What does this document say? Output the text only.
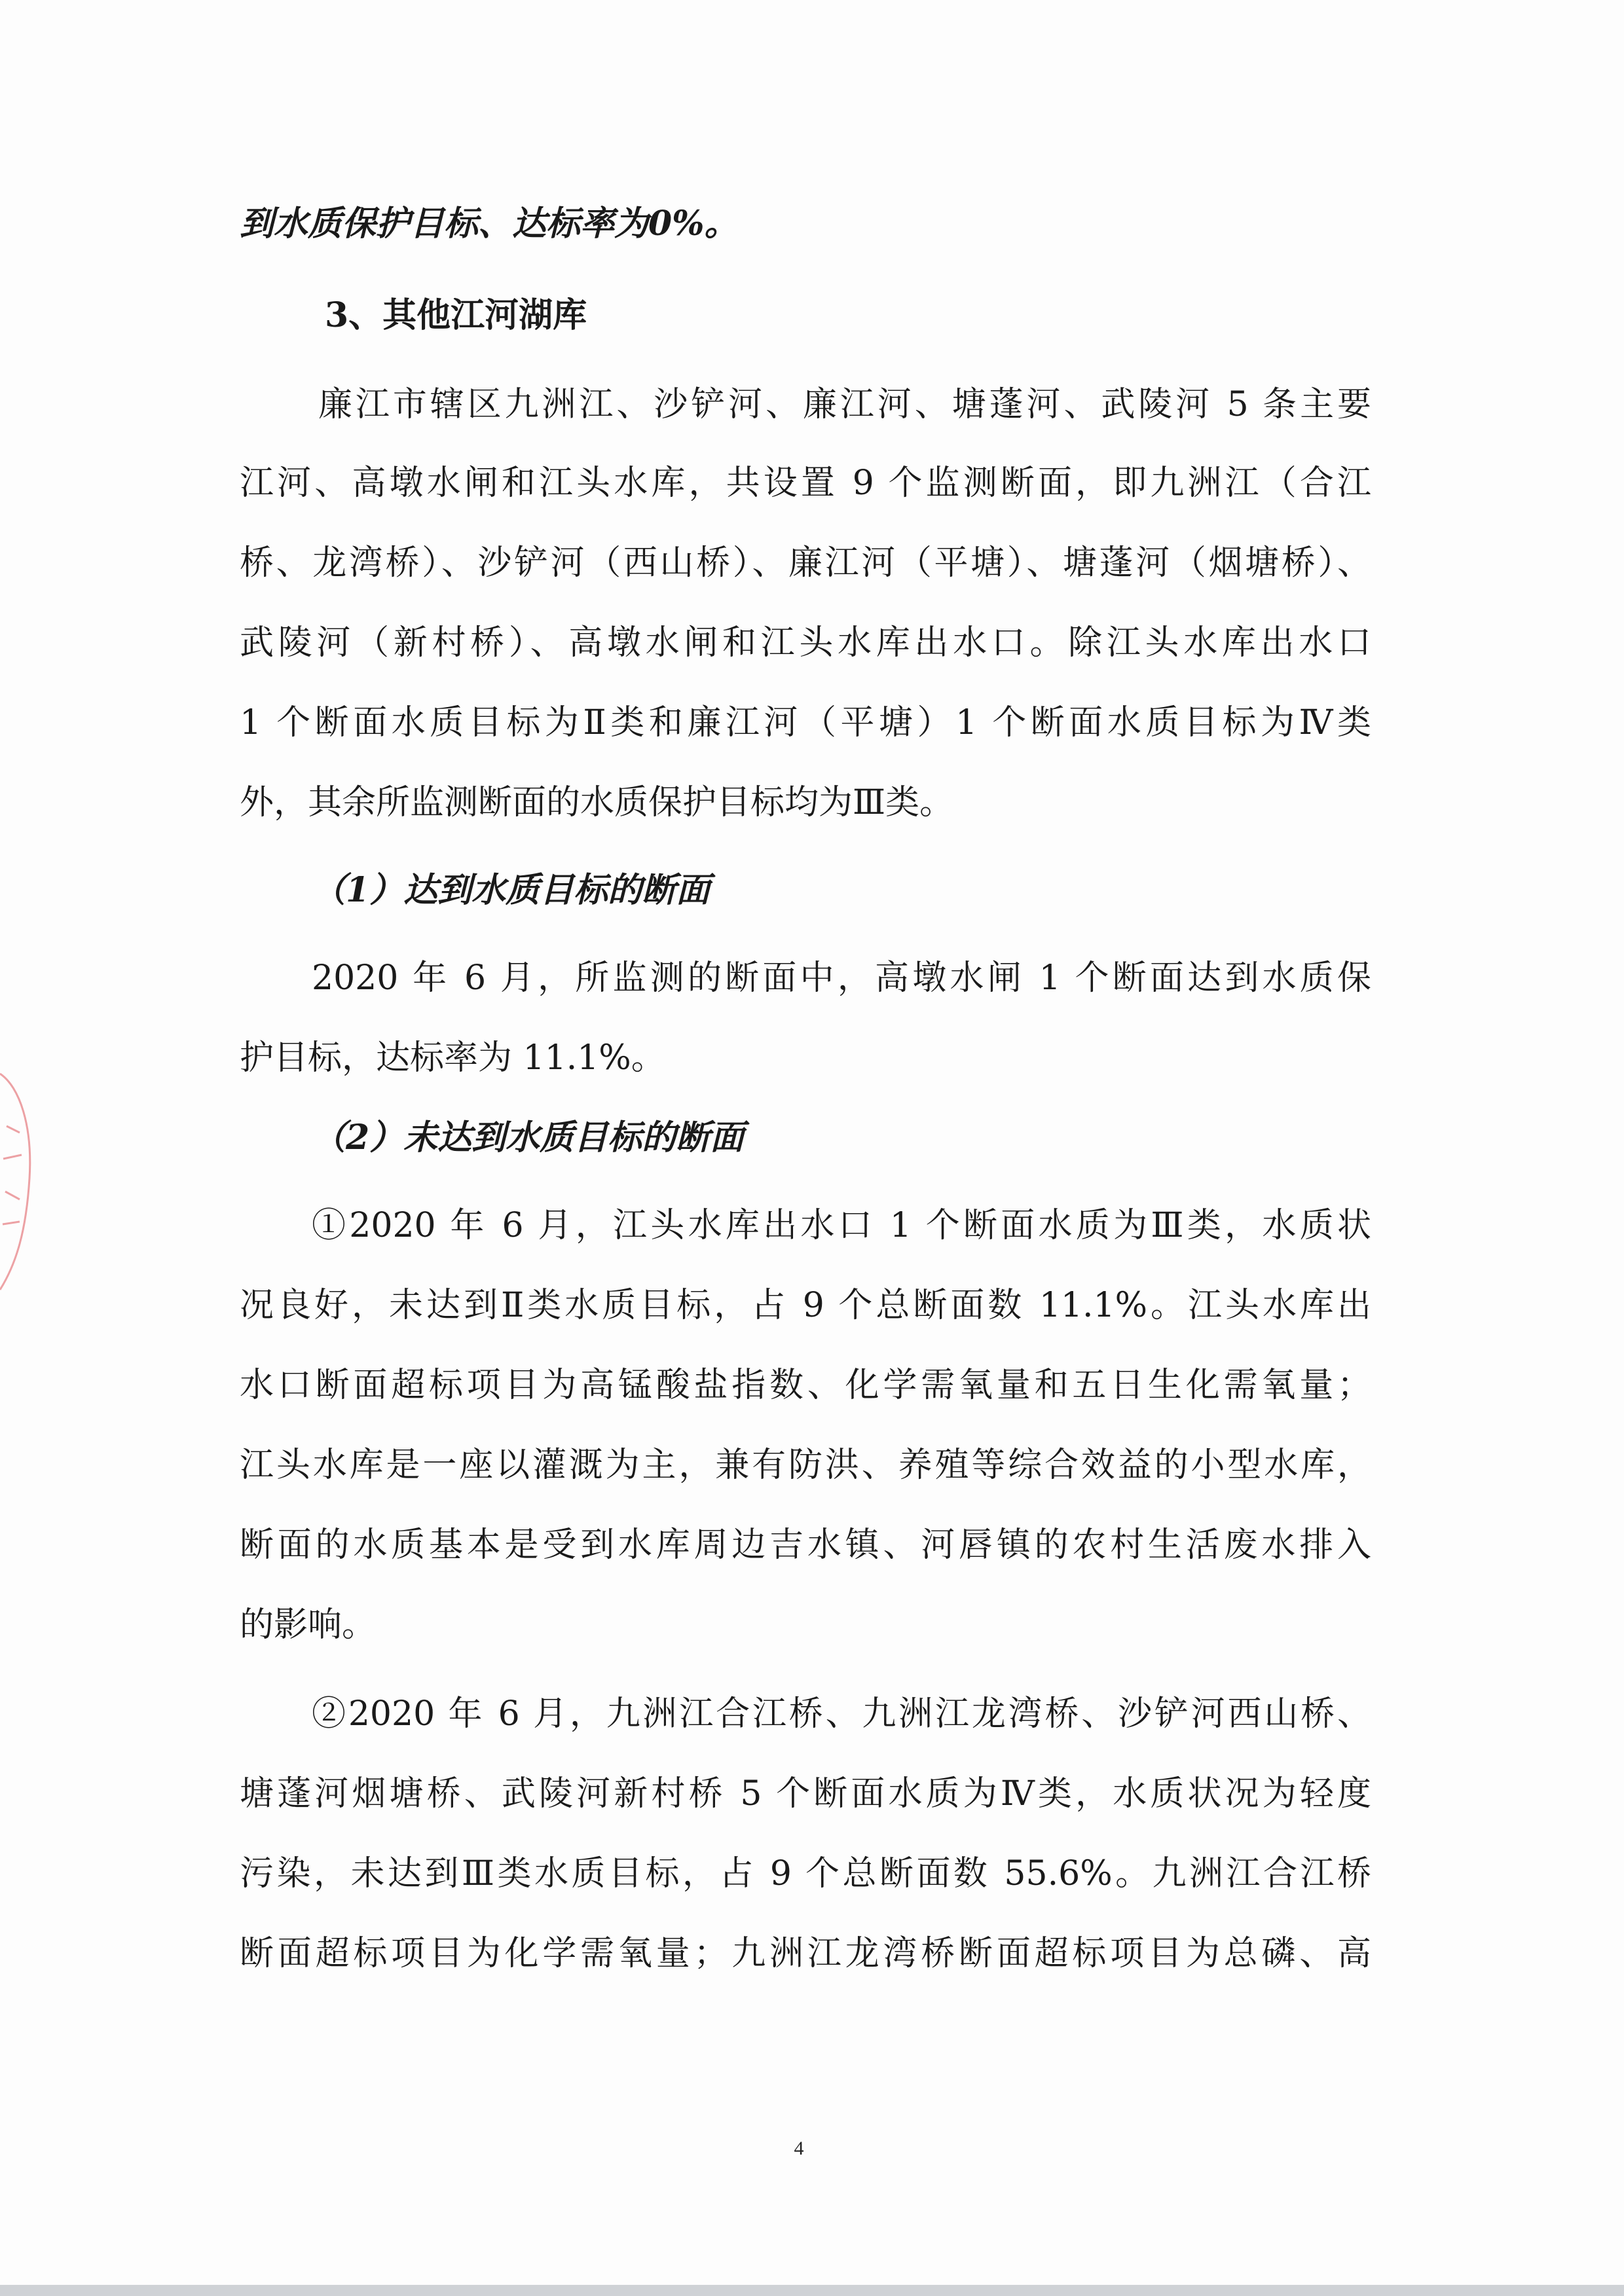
到水质保护目标、达标率为0%。
3、其他江河湖库
廉江市辖区九洲江、沙铲河、廉江河、塘蓬河、武陵河 5 条主要
江河、高墩水闸和江头水库，共设置 9 个监测断面，即九洲江（合江
桥、龙湾桥）、沙铲河（西山桥）、廉江河（平塘）、塘蓬河（烟塘桥）、
武陵河（新村桥）、高墩水闸和江头水库出水口。除江头水库出水口
1 个断面水质目标为Ⅱ类和廉江河（平塘）1 个断面水质目标为Ⅳ类
外，其余所监测断面的水质保护目标均为Ⅲ类。
（1）达到水质目标的断面
2020 年 6 月，所监测的断面中，高墩水闸 1 个断面达到水质保
护目标，达标率为 11.1%。
（2）未达到水质目标的断面
①2020 年 6 月，江头水库出水口 1 个断面水质为Ⅲ类，水质状
况良好，未达到Ⅱ类水质目标，占 9 个总断面数 11.1%。江头水库出
水口断面超标项目为高锰酸盐指数、化学需氧量和五日生化需氧量；
江头水库是一座以灌溉为主，兼有防洪、养殖等综合效益的小型水库，
断面的水质基本是受到水库周边吉水镇、河唇镇的农村生活废水排入
的影响。
②2020 年 6 月，九洲江合江桥、九洲江龙湾桥、沙铲河西山桥、
塘蓬河烟塘桥、武陵河新村桥 5 个断面水质为Ⅳ类，水质状况为轻度
污染，未达到Ⅲ类水质目标，占 9 个总断面数 55.6%。九洲江合江桥
断面超标项目为化学需氧量；九洲江龙湾桥断面超标项目为总磷、高
4
